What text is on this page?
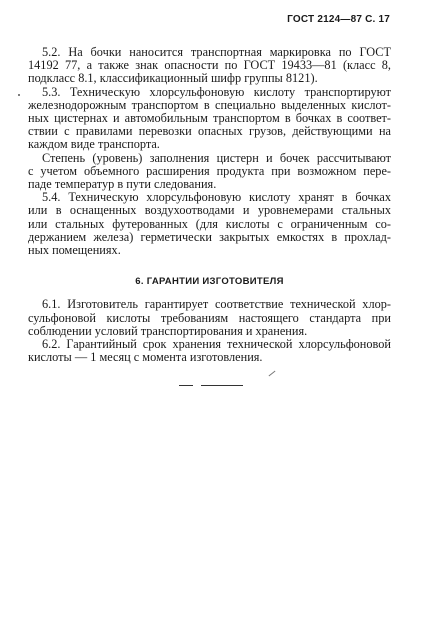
ГОСТ 2124—87 С. 17

5.2. На бочки наносится транспортная маркировка по ГОСТ
14192 77, а также знак опасности по ГОСТ 19433—81 (класс 8,
подкласс 8.1, классификационный шифр группы 8121).

5.3. Техническую хлорсульфоновую кислоту транспортируют
железнодорожным транспортом в специально выделенных кислот-
ных цистернах и автомобильным транспортом в бочках в соответ-
ствии с правилами перевозки опасных грузов, действующими на
каждом виде транспорта.

Степень (уровень) заполнения цистерн и бочек рассчитывают
с учетом объемного расширения продукта при возможном пере-
паде температур в пути следования.

5.4. Техническую хлорсульфоновую кислоту хранят в бочках
или в оснащенных воздухоотводами и уровнемерами стальных
или стальных футерованных (для кислоты с ограниченным со-
держанием железа) герметически закрытых емкостях в прохлад-
ных помещениях.

6. ГАРАНТИИ ИЗГОТОВИТЕЛЯ

6.1. Изготовитель гарантирует соответствие технической хлор-
сульфоновой кислоты требованиям настоящего стандарта при
соблюдении условий транспортирования и хранения.

6.2. Гарантийный срок хранения технической хлорсульфоновой
кислоты — 1 месяц с момента изготовления.
